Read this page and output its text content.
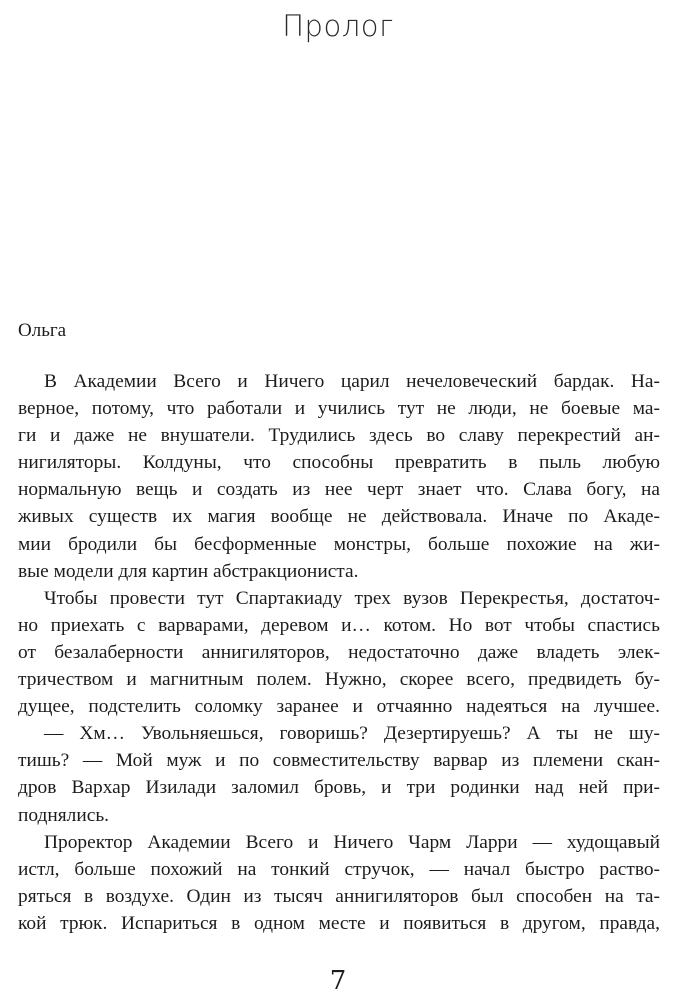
Пролог
Ольга
В Академии Всего и Ничего царил нечеловеческий бардак. На-
верное, потому, что работали и учились тут не люди, не боевые ма-
ги и даже не внушатели. Трудились здесь во славу перекрестий ан-
нигиляторы. Колдуны, что способны превратить в пыль любую
нормальную вещь и создать из нее черт знает что. Слава богу, на
живых существ их магия вообще не действовала. Иначе по Акаде-
мии бродили бы бесформенные монстры, больше похожие на жи-
вые модели для картин абстракциониста.
Чтобы провести тут Спартакиаду трех вузов Перекрестья, достаточ-
но приехать с варварами, деревом и… котом. Но вот чтобы спастись
от безалаберности аннигиляторов, недостаточно даже владеть элек-
тричеством и магнитным полем. Нужно, скорее всего, предвидеть бу-
дущее, подстелить соломку заранее и отчаянно надеяться на лучшее.
— Хм… Увольняешься, говоришь? Дезертируешь? А ты не шу-
тишь? — Мой муж и по совместительству варвар из племени скан-
дров Вархар Изилади заломил бровь, и три родинки над ней при-
поднялись.
Проректор Академии Всего и Ничего Чарм Ларри — худощавый
истл, больше похожий на тонкий стручок, — начал быстро раство-
ряться в воздухе. Один из тысяч аннигиляторов был способен на та-
кой трюк. Испариться в одном месте и появиться в другом, правда,
7
